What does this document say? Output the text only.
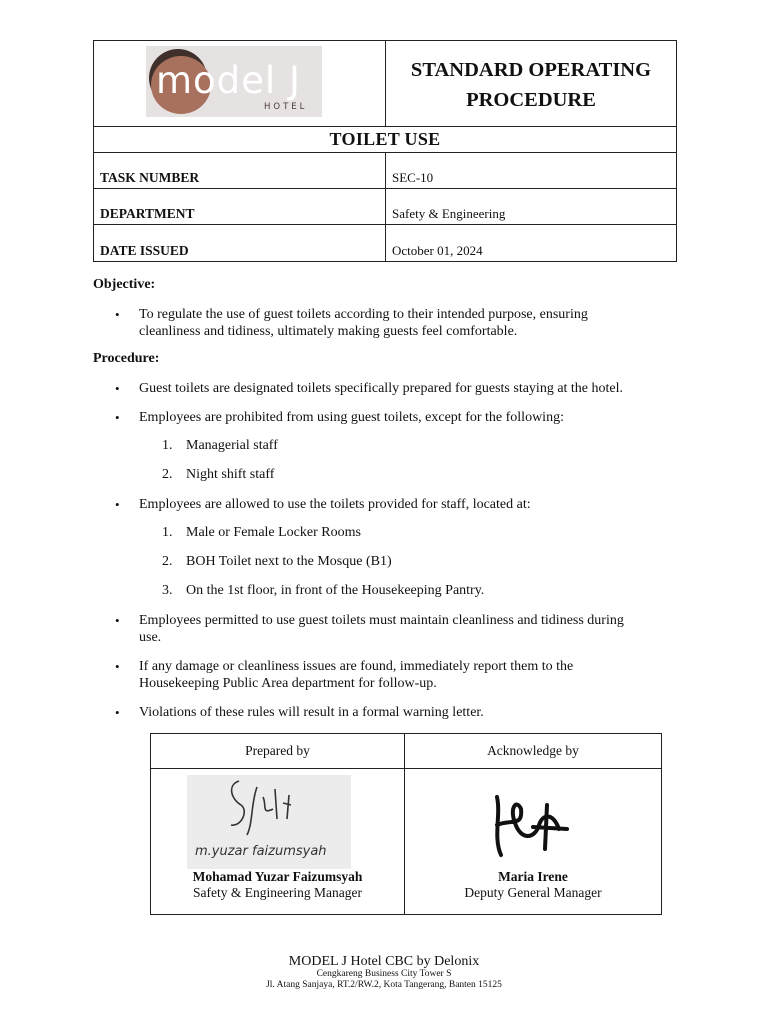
model J
HOTEL
STANDARD OPERATING
PROCEDURE
TOILET USE
TASK NUMBER	SEC-10
DEPARTMENT	Safety & Engineering
DATE ISSUED	October 01, 2024
Objective:
• To regulate the use of guest toilets according to their intended purpose, ensuring cleanliness and tidiness, ultimately making guests feel comfortable.
Procedure:
• Guest toilets are designated toilets specifically prepared for guests staying at the hotel.
• Employees are prohibited from using guest toilets, except for the following:
1. Managerial staff
2. Night shift staff
• Employees are allowed to use the toilets provided for staff, located at:
1. Male or Female Locker Rooms
2. BOH Toilet next to the Mosque (B1)
3. On the 1st floor, in front of the Housekeeping Pantry.
• Employees permitted to use guest toilets must maintain cleanliness and tidiness during use.
• If any damage or cleanliness issues are found, immediately report them to the Housekeeping Public Area department for follow-up.
• Violations of these rules will result in a formal warning letter.
Prepared by	Acknowledge by
m.yuzar faizumsyah
Mohamad Yuzar Faizumsyah
Safety & Engineering Manager
Maria Irene
Deputy General Manager
MODEL J Hotel CBC by Delonix
Cengkareng Business City Tower S
Jl. Atang Sanjaya, RT.2/RW.2, Kota Tangerang, Banten 15125
